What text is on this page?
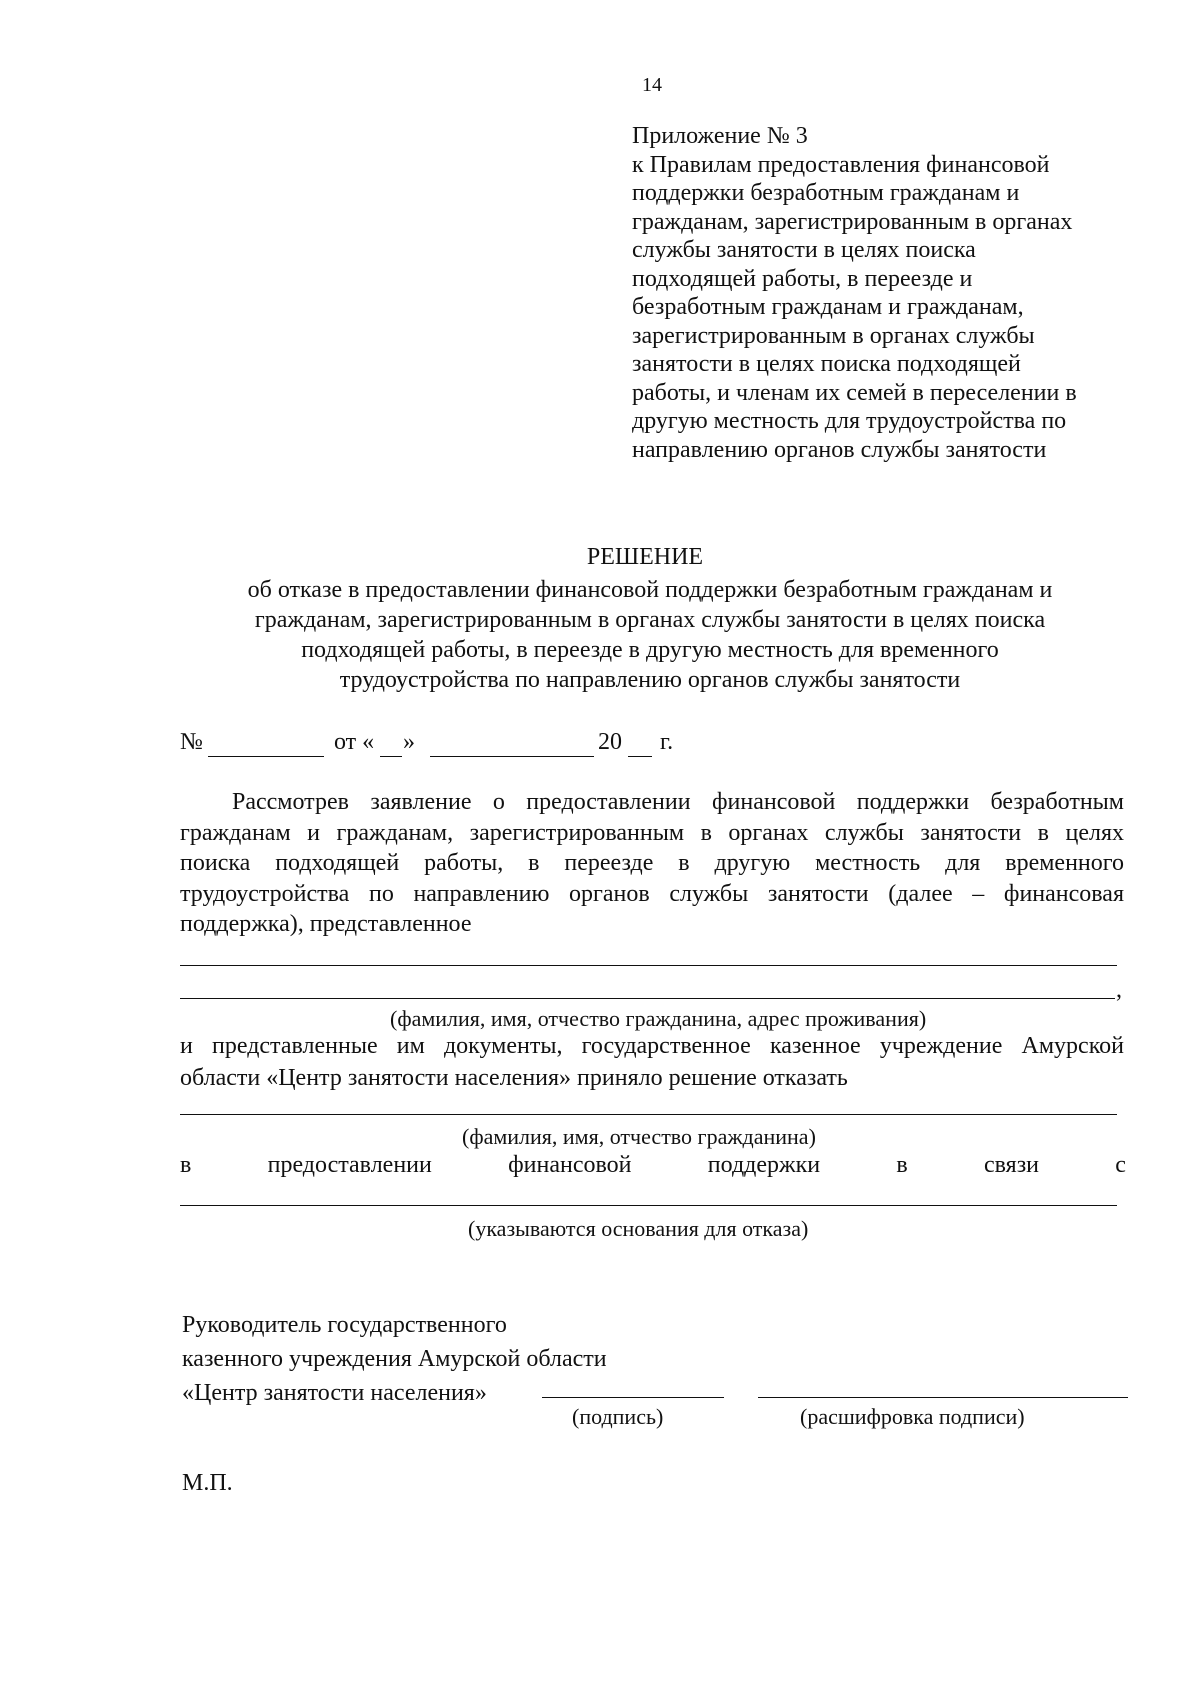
14
Приложение № 3
к Правилам предоставления финансовой
поддержки безработным гражданам и
гражданам, зарегистрированным в органах
службы занятости в целях поиска
подходящей работы, в переезде и
безработным гражданам и гражданам,
зарегистрированным в органах службы
занятости в целях поиска подходящей
работы, и членам их семей в переселении в
другую местность для трудоустройства по
направлению органов службы занятости
РЕШЕНИЕ
об отказе в предоставлении финансовой поддержки безработным гражданам и
гражданам, зарегистрированным в органах службы занятости в целях поиска
подходящей работы, в переезде в другую местность для временного
трудоустройства по направлению органов службы занятости
№	от « »	20 г.
Рассмотрев заявление о предоставлении финансовой поддержки безработным
гражданам и гражданам, зарегистрированным в органах службы занятости в целях
поиска подходящей работы, в переезде в другую местность для временного
трудоустройства по направлению органов службы занятости (далее – финансовая
поддержка), представленное
,
(фамилия, имя, отчество гражданина, адрес проживания)
и представленные им документы, государственное казенное учреждение Амурской
области «Центр занятости населения» приняло решение отказать
(фамилия, имя, отчество гражданина)
в	предоставлении	финансовой	поддержки	в	связи	с
(указываются основания для отказа)
Руководитель государственного
казенного учреждения Амурской области
«Центр занятости населения»
(подпись)	(расшифровка подписи)
М.П.
